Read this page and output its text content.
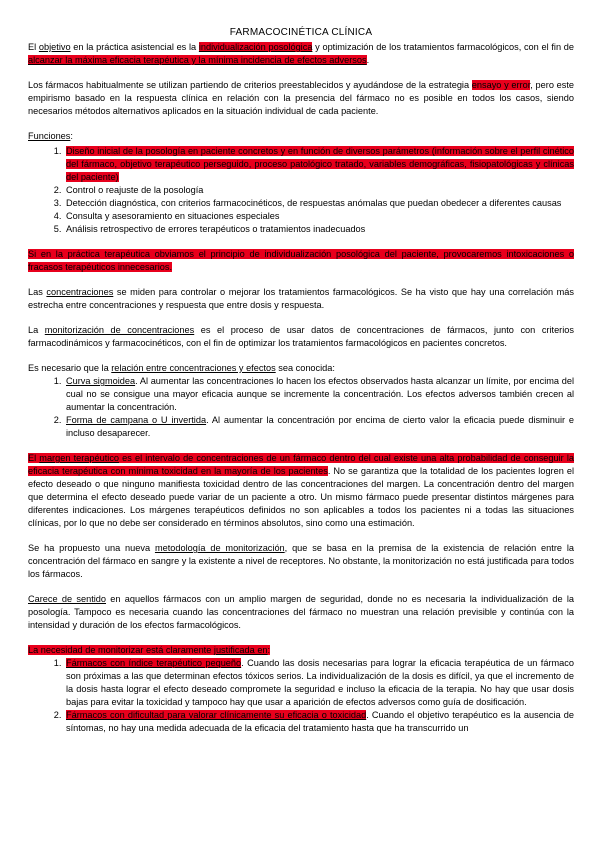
FARMACOCINÉTICA CLÍNICA

El objetivo en la práctica asistencial es la individualización posológica y optimización de los tratamientos farmacológicos, con el fin de alcanzar la máxima eficacia terapéutica y la mínima incidencia de efectos adversos.

Los fármacos habitualmente se utilizan partiendo de criterios preestablecidos y ayudándose de la estrategia ensayo y error, pero este empirismo basado en la respuesta clínica en relación con la presencia del fármaco no es posible en todos los casos, siendo necesarios métodos alternativos aplicados en la situación individual de cada paciente.

Funciones:

1. Diseño inicial de la posología en paciente concretos y en función de diversos parámetros (información sobre el perfil cinético del fármaco, objetivo terapéutico perseguido, proceso patológico tratado, variables demográficas, fisiopatológicas y clínicas del paciente)
2. Control o reajuste de la posología
3. Detección diagnóstica, con criterios farmacocinéticos, de respuestas anómalas que puedan obedecer a diferentes causas
4. Consulta y asesoramiento en situaciones especiales
5. Análisis retrospectivo de errores terapéuticos o tratamientos inadecuados

Si en la práctica terapéutica obviamos el principio de individualización posológica del paciente, provocaremos intoxicaciones o fracasos terapéuticos innecesarios.

Las concentraciones se miden para controlar o mejorar los tratamientos farmacológicos. Se ha visto que hay una correlación más estrecha entre concentraciones y respuesta que entre dosis y respuesta.

La monitorización de concentraciones es el proceso de usar datos de concentraciones de fármacos, junto con criterios farmacodinámicos y farmacocinéticos, con el fin de optimizar los tratamientos farmacológicos en pacientes concretos.

Es necesario que la relación entre concentraciones y efectos sea conocida:

1. Curva sigmoidea. Al aumentar las concentraciones lo hacen los efectos observados hasta alcanzar un límite, por encima del cual no se consigue una mayor eficacia aunque se incremente la concentración. Los efectos adversos también crecen al aumentar la concentración.
2. Forma de campana o U invertida. Al aumentar la concentración por encima de cierto valor la eficacia puede disminuir e incluso desaparecer.

El margen terapéutico es el intervalo de concentraciones de un fármaco dentro del cual existe una alta probabilidad de conseguir la eficacia terapéutica con mínima toxicidad en la mayoría de los pacientes. No se garantiza que la totalidad de los pacientes logren el efecto deseado o que ninguno manifiesta toxicidad dentro de las concentraciones del margen. La concentración dentro del margen que determina el efecto deseado puede variar de un paciente a otro. Un mismo fármaco puede presentar distintos márgenes para diferentes indicaciones. Los márgenes terapéuticos definidos no son aplicables a todos los pacientes ni a todas las situaciones clínicas, por lo que no debe ser considerado en términos absolutos, sino como una estimación.

Se ha propuesto una nueva metodología de monitorización, que se basa en la premisa de la existencia de relación entre la concentración del fármaco en sangre y la existente a nivel de receptores. No obstante, la monitorización no está justificada para todos los fármacos.

Carece de sentido en aquellos fármacos con un amplio margen de seguridad, donde no es necesaria la individualización de la posología. Tampoco es necesaria cuando las concentraciones del fármaco no muestran una relación previsible y continúa con la intensidad y duración de los efectos farmacológicos.

La necesidad de monitorizar está claramente justificada en:

1. Fármacos con índice terapéutico pequeño. Cuando las dosis necesarias para lograr la eficacia terapéutica de un fármaco son próximas a las que determinan efectos tóxicos serios. La individualización de la dosis es difícil, ya que el incremento de la dosis hasta lograr el efecto deseado compromete la seguridad e incluso la eficacia de la terapia. No hay que usar dosis bajas para evitar la toxicidad y tampoco hay que usar a aparición de efectos adversos como guía de dosificación.
2. Fármacos con dificultad para valorar clínicamente su eficacia o toxicidad. Cuando el objetivo terapéutico es la ausencia de síntomas, no hay una medida adecuada de la eficacia del tratamiento hasta que ha transcurrido un
